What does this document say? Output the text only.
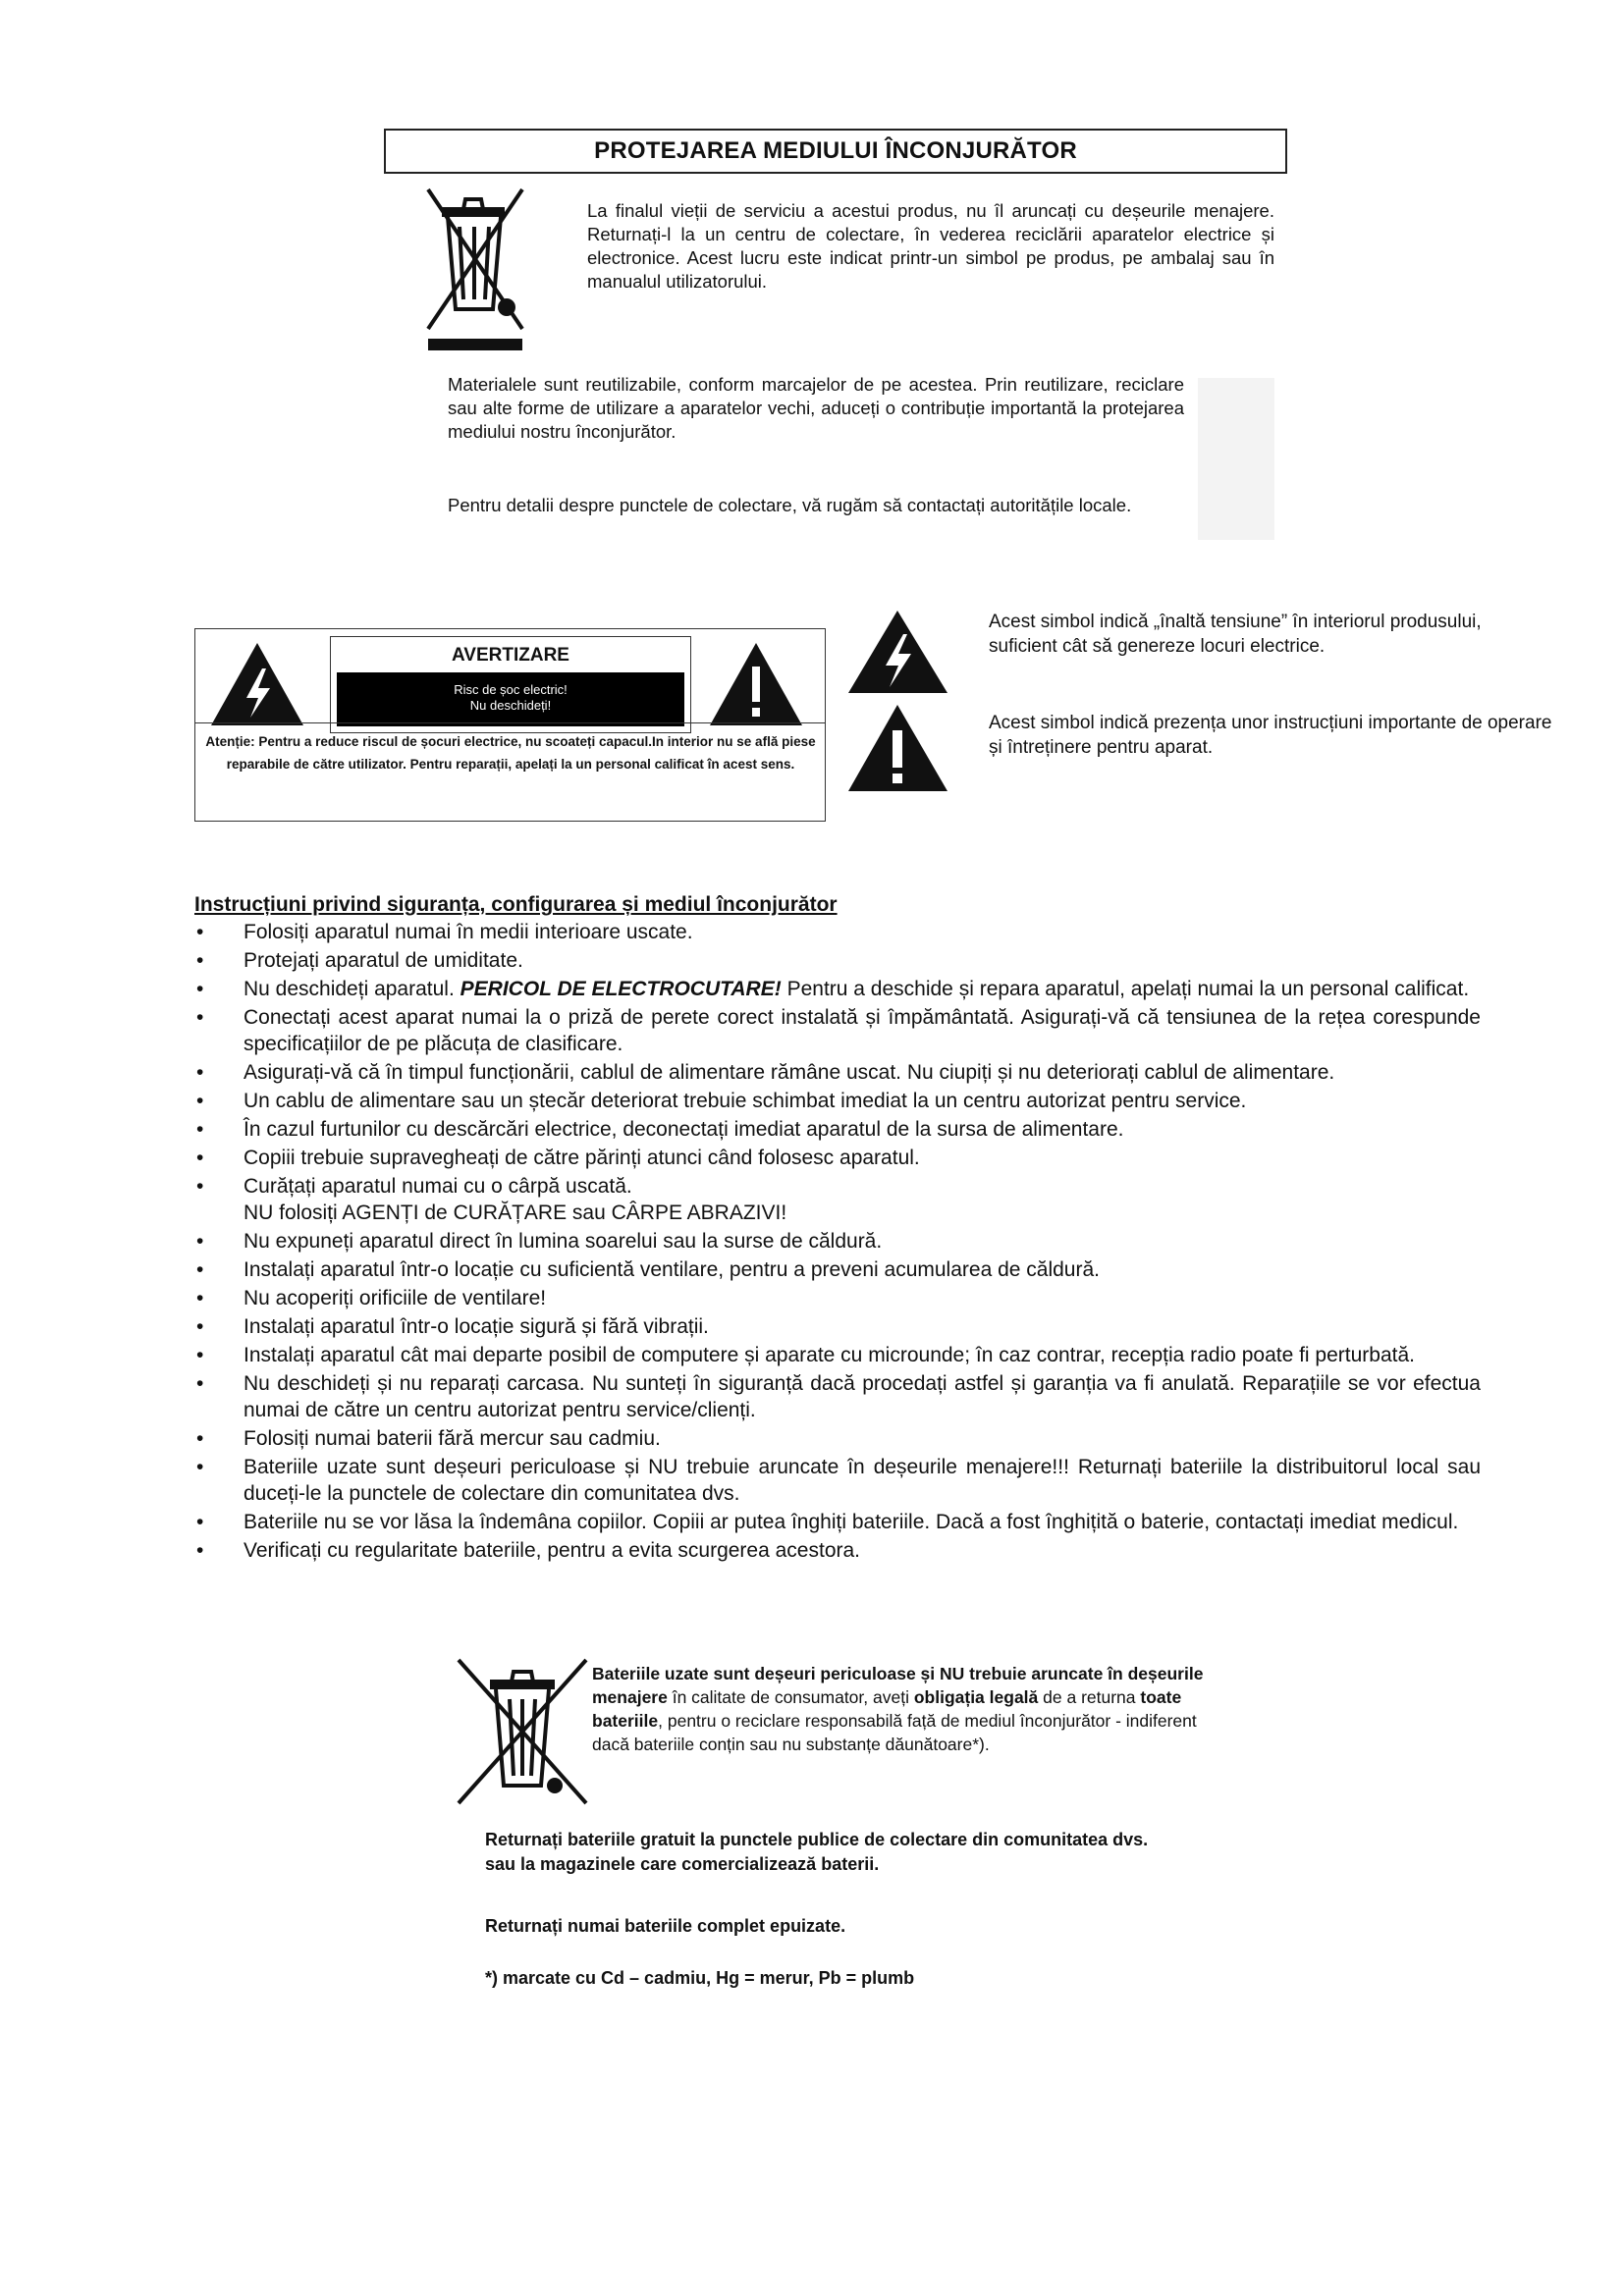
PROTEJAREA MEDIULUI ÎNCONJURĂTOR

La finalul vieții de serviciu a acestui produs, nu îl aruncați cu deșeurile menajere. Returnați-l la un centru de colectare, în vederea reciclării aparatelor electrice și electronice. Acest lucru este indicat printr-un simbol pe produs, pe ambalaj sau în manualul utilizatorului.

Materialele sunt reutilizabile, conform marcajelor de pe acestea. Prin reutilizare, reciclare sau alte forme de utilizare a aparatelor vechi, aduceți o contribuție importantă la protejarea mediului nostru înconjurător.

Pentru detalii despre punctele de colectare, vă rugăm să contactați autoritățile locale.

AVERTIZARE
Risc de șoc electric!
Nu deschideți!
Atenție: Pentru a reduce riscul de șocuri electrice, nu scoateți capacul.In interior nu se află piese reparabile de către utilizator. Pentru reparații, apelați la un personal calificat în acest sens.

Acest simbol indică „înaltă tensiune” în interiorul produsului, suficient cât să genereze locuri electrice.

Acest simbol indică prezența unor instrucțiuni importante de operare și întreținere pentru aparat.

Instrucțiuni privind siguranța, configurarea și mediul înconjurător
• Folosiți aparatul numai în medii interioare uscate.
• Protejați aparatul de umiditate.
• Nu deschideți aparatul. PERICOL DE ELECTROCUTARE! Pentru a deschide și repara aparatul, apelați numai la un personal calificat.
• Conectați acest aparat numai la o priză de perete corect instalată și împământată. Asigurați-vă că tensiunea de la rețea corespunde specificațiilor de pe plăcuța de clasificare.
• Asigurați-vă că în timpul funcționării, cablul de alimentare rămâne uscat. Nu ciupiți și nu deteriorați cablul de alimentare.
• Un cablu de alimentare sau un ștecăr deteriorat trebuie schimbat imediat la un centru autorizat pentru service.
• În cazul furtunilor cu descărcări electrice, deconectați imediat aparatul de la sursa de alimentare.
• Copiii trebuie supravegheați de către părinți atunci când folosesc aparatul.
• Curățați aparatul numai cu o cârpă uscată.
NU folosiți AGENȚI de CURĂȚARE sau CÂRPE ABRAZIVI!
• Nu expuneți aparatul direct în lumina soarelui sau la surse de căldură.
• Instalați aparatul într-o locație cu suficientă ventilare, pentru a preveni acumularea de căldură.
• Nu acoperiți orificiile de ventilare!
• Instalați aparatul într-o locație sigură și fără vibrații.
• Instalați aparatul cât mai departe posibil de computere și aparate cu microunde; în caz contrar, recepția radio poate fi perturbată.
• Nu deschideți și nu reparați carcasa. Nu sunteți în siguranță dacă procedați astfel și garanția va fi anulată. Reparațiile se vor efectua numai de către un centru autorizat pentru service/clienți.
• Folosiți numai baterii fără mercur sau cadmiu.
• Bateriile uzate sunt deșeuri periculoase și NU trebuie aruncate în deșeurile menajere!!! Returnați bateriile la distribuitorul local sau duceți-le la punctele de colectare din comunitatea dvs.
• Bateriile nu se vor lăsa la îndemâna copiilor. Copiii ar putea înghiți bateriile. Dacă a fost înghițită o baterie, contactați imediat medicul.
• Verificați cu regularitate bateriile, pentru a evita scurgerea acestora.

Bateriile uzate sunt deșeuri periculoase și NU trebuie aruncate în deșeurile menajere în calitate de consumator, aveți obligația legală de a returna toate bateriile, pentru o reciclare responsabilă față de mediul înconjurător - indiferent dacă bateriile conțin sau nu substanțe dăunătoare*).

Returnați bateriile gratuit la punctele publice de colectare din comunitatea dvs. sau la magazinele care comercializează baterii.

Returnați numai bateriile complet epuizate.

*) marcate cu Cd – cadmiu, Hg = merur, Pb = plumb
